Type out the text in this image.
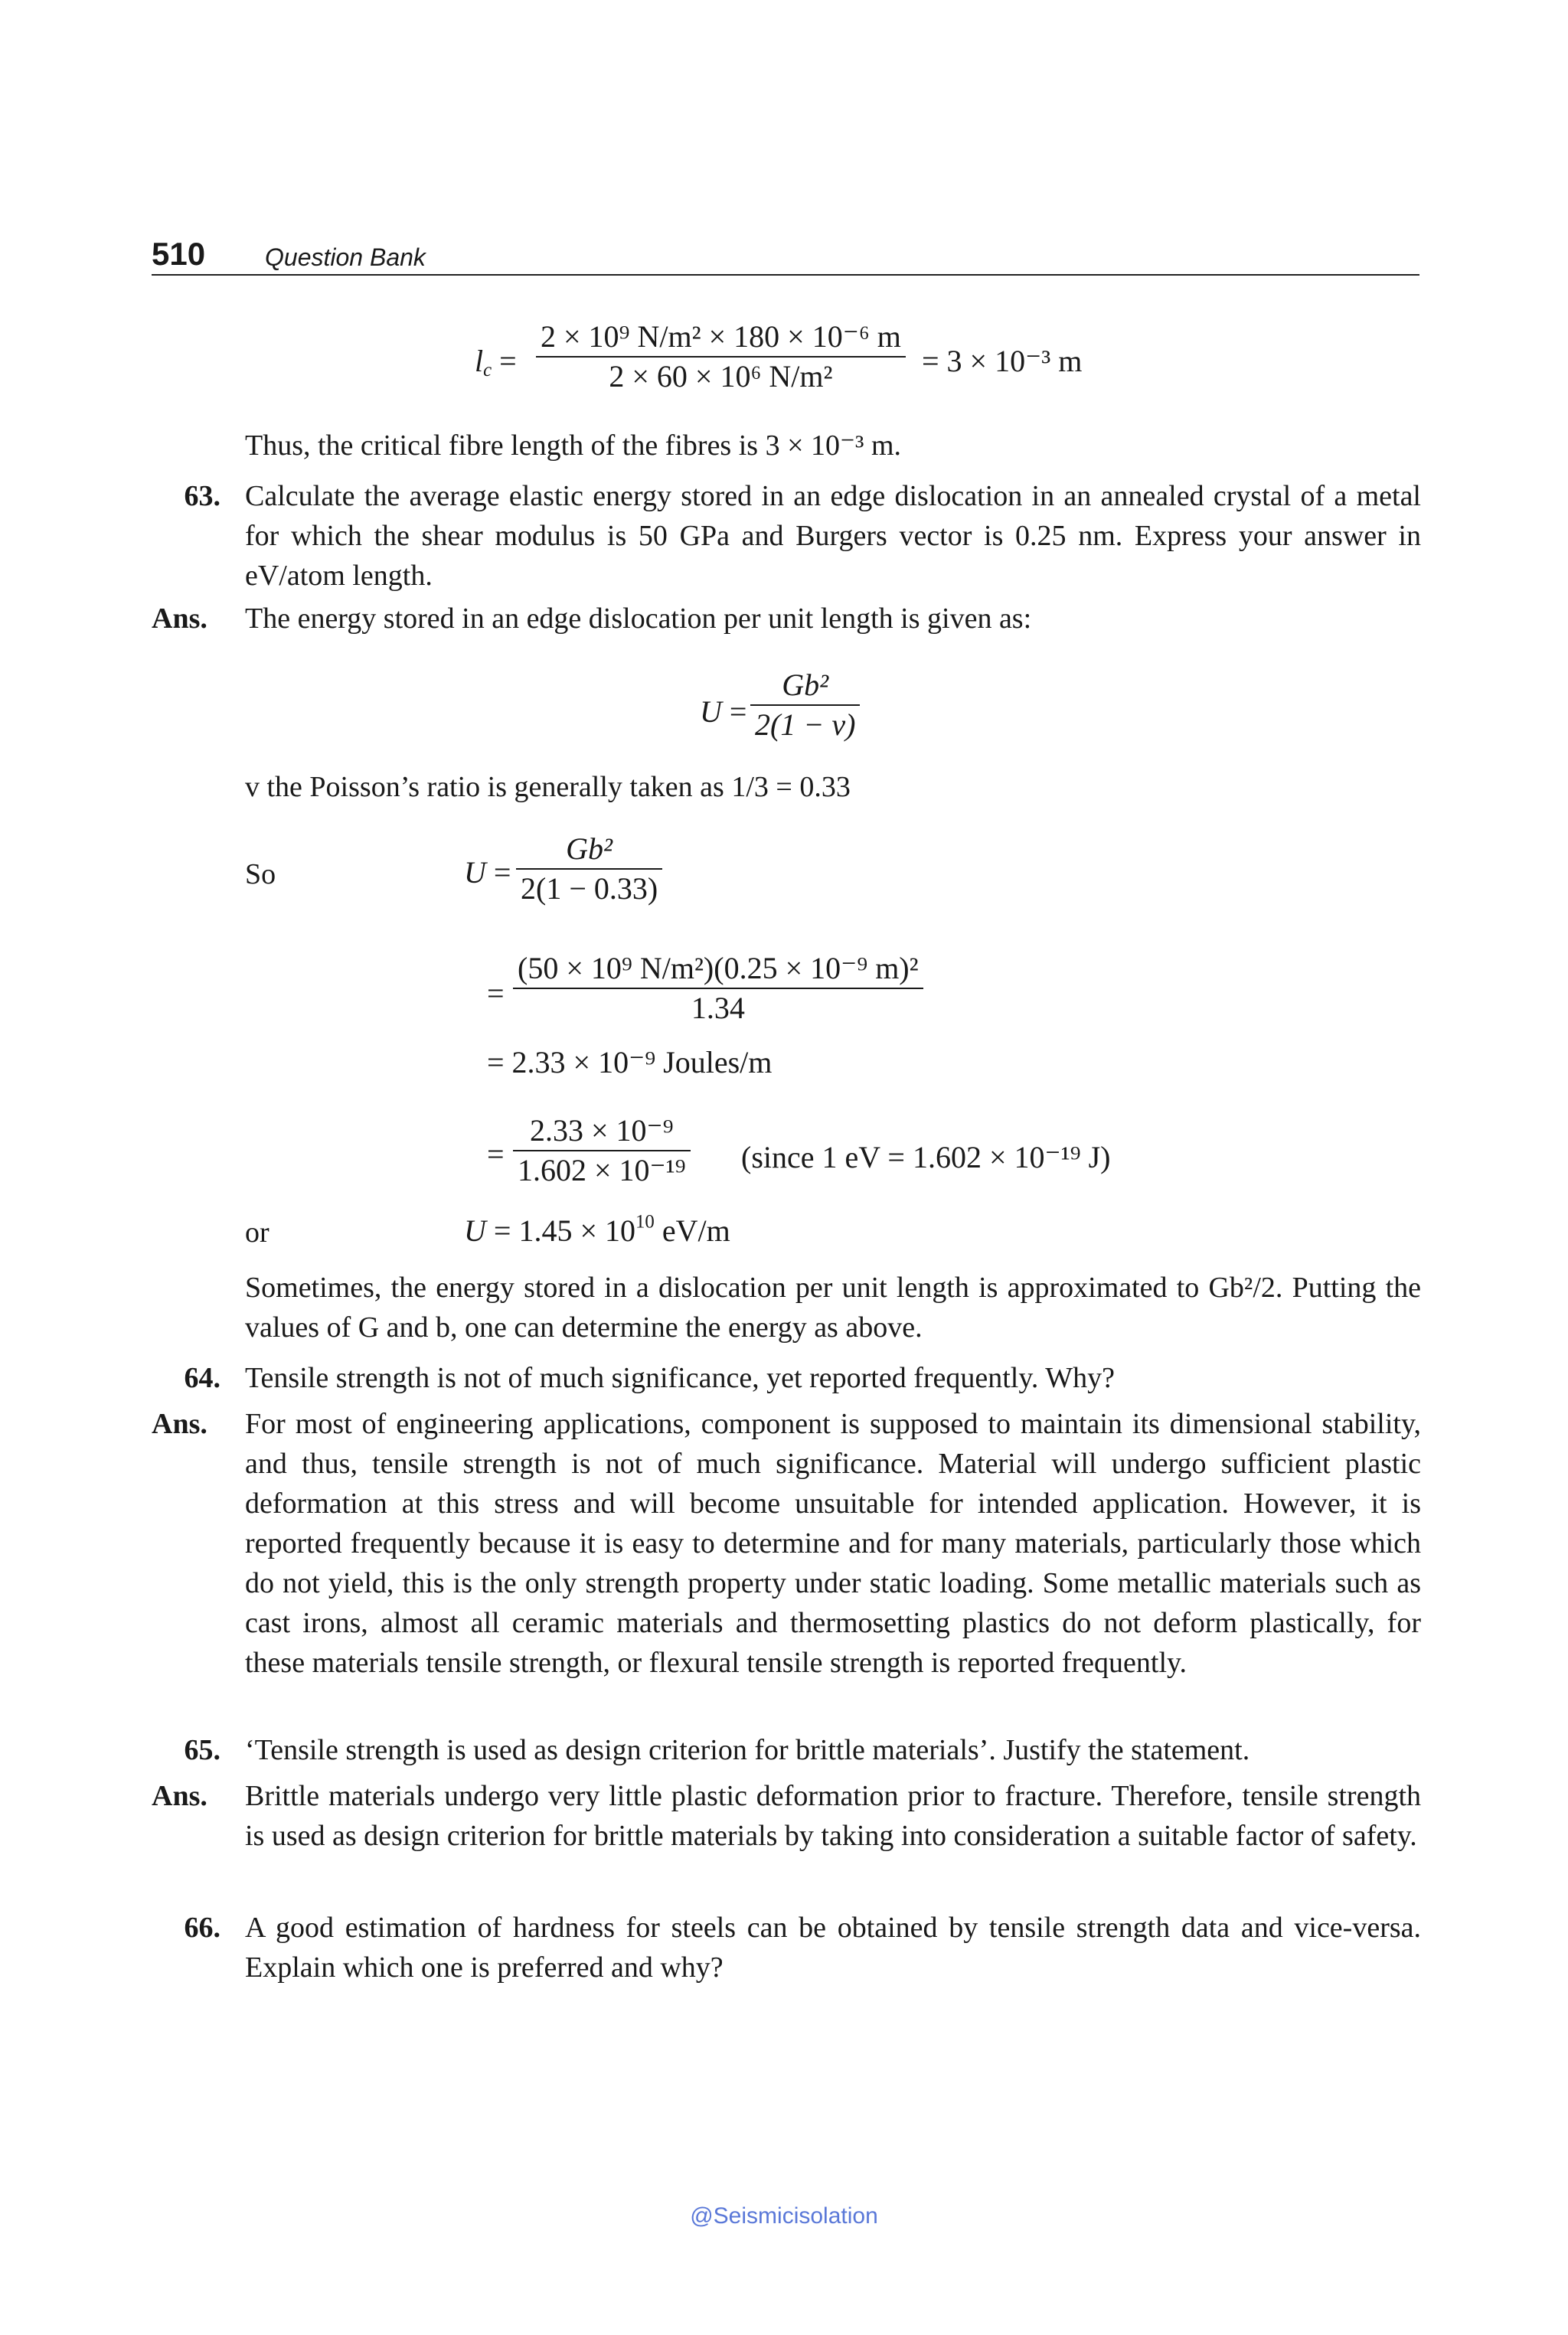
510 Question Bank
$l_c = \frac{\text{2 × 10⁹ N/m² × 180 × 10⁻⁶ m}}{\text{2 × 60 × 10⁶ N/m²}} = 3 \times 10^{-3}$ m
Thus, the critical fibre length of the fibres is 3 × 10⁻³ m.
63. Calculate the average elastic energy stored in an edge dislocation in an annealed crystal of a metal for which the shear modulus is 50 GPa and Burgers vector is 0.25 nm. Express your answer in eV/atom length.
Ans. The energy stored in an edge dislocation per unit length is given as:
$U = \frac{\text{Gb²}}{2(1 - v)}$
v the Poisson’s ratio is generally taken as 1/3 = 0.33
So	$U = \frac{\text{Gb²}}{2(1 - 0.33)}$
= $\frac{\text{(50 × 10⁹ N/m²)(0.25 × 10⁻⁹ m)²}}{1.34}$
= 2.33 × 10⁻⁹ Joules/m
= $\frac{\text{2.33 × 10⁻⁹}}{\text{1.602 × 10⁻¹⁹}}$ (since 1 eV = 1.602 × 10⁻¹⁹ J)
or	$U = 1.45 \times 10^{10}$ eV/m
Sometimes, the energy stored in a dislocation per unit length is approximated to Gb²/2. Putting the values of G and b, one can determine the energy as above.
64. Tensile strength is not of much significance, yet reported frequently. Why?
Ans. For most of engineering applications, component is supposed to maintain its dimensional stability, and thus, tensile strength is not of much significance. Material will undergo sufficient plastic deformation at this stress and will become unsuitable for intended application. However, it is reported frequently because it is easy to determine and for many materials, particularly those which do not yield, this is the only strength property under static loading. Some metallic materials such as cast irons, almost all ceramic materials and thermosetting plastics do not deform plastically, for these materials tensile strength, or flexural tensile strength is reported frequently.
65. ‘Tensile strength is used as design criterion for brittle materials’. Justify the statement.
Ans. Brittle materials undergo very little plastic deformation prior to fracture. Therefore, tensile strength is used as design criterion for brittle materials by taking into consideration a suitable factor of safety.
66. A good estimation of hardness for steels can be obtained by tensile strength data and vice-versa. Explain which one is preferred and why?
@Seismicisolation
